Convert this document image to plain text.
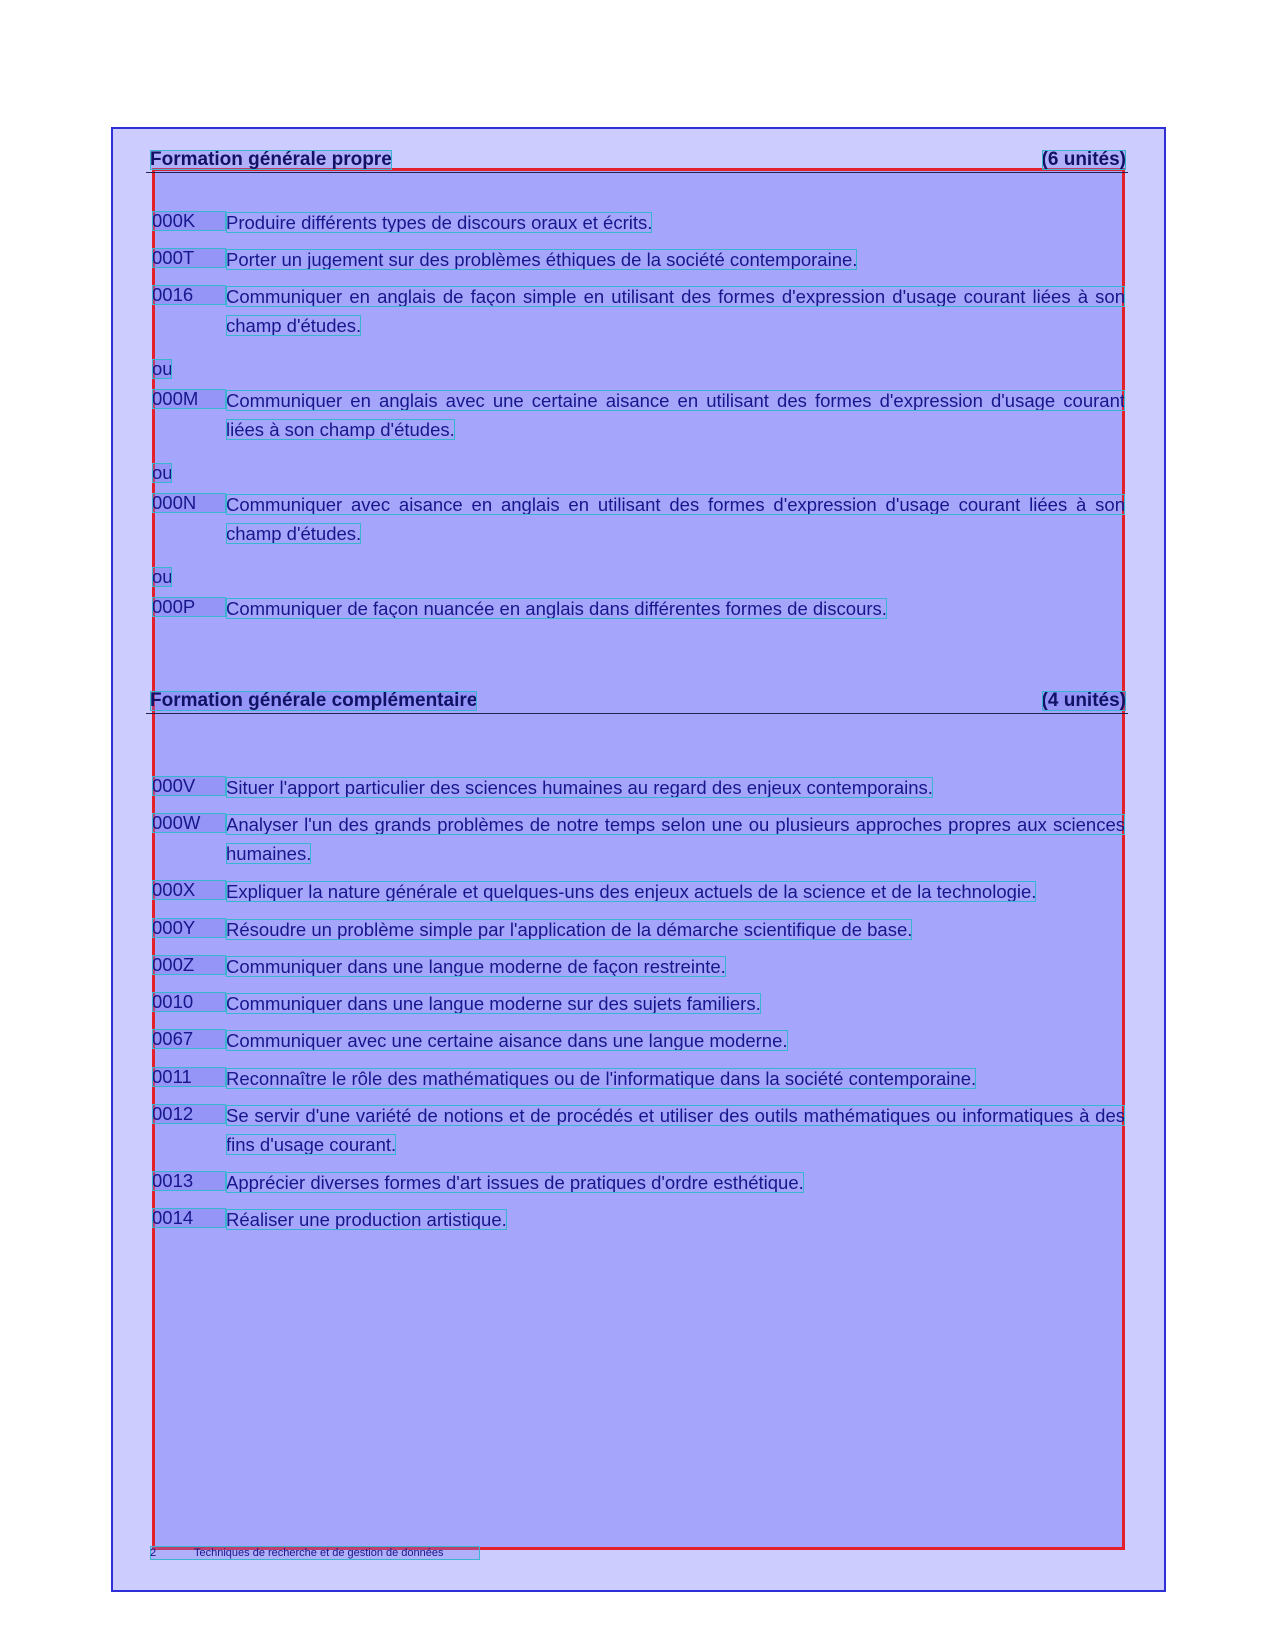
Formation générale propre	(6 unités)
000K	Produire différents types de discours oraux et écrits.
000T	Porter un jugement sur des problèmes éthiques de la société contemporaine.
0016	Communiquer en anglais de façon simple en utilisant des formes d'expression d'usage courant liées à son champ d'études.
ou
000M	Communiquer en anglais avec une certaine aisance en utilisant des formes d'expression d'usage courant liées à son champ d'études.
ou
000N	Communiquer avec aisance en anglais en utilisant des formes d'expression d'usage courant liées à son champ d'études.
ou
000P	Communiquer de façon nuancée en anglais dans différentes formes de discours.
Formation générale complémentaire	(4 unités)
000V	Situer l'apport particulier des sciences humaines au regard des enjeux contemporains.
000W	Analyser l'un des grands problèmes de notre temps selon une ou plusieurs approches propres aux sciences humaines.
000X	Expliquer la nature générale et quelques-uns des enjeux actuels de la science et de la technologie.
000Y	Résoudre un problème simple par l'application de la démarche scientifique de base.
000Z	Communiquer dans une langue moderne de façon restreinte.
0010	Communiquer dans une langue moderne sur des sujets familiers.
0067	Communiquer avec une certaine aisance dans une langue moderne.
0011	Reconnaître le rôle des mathématiques ou de l'informatique dans la société contemporaine.
0012	Se servir d'une variété de notions et de procédés et utiliser des outils mathématiques ou informatiques à des fins d'usage courant.
0013	Apprécier diverses formes d'art issues de pratiques d'ordre esthétique.
0014	Réaliser une production artistique.
2	Techniques de recherche et de gestion de données
